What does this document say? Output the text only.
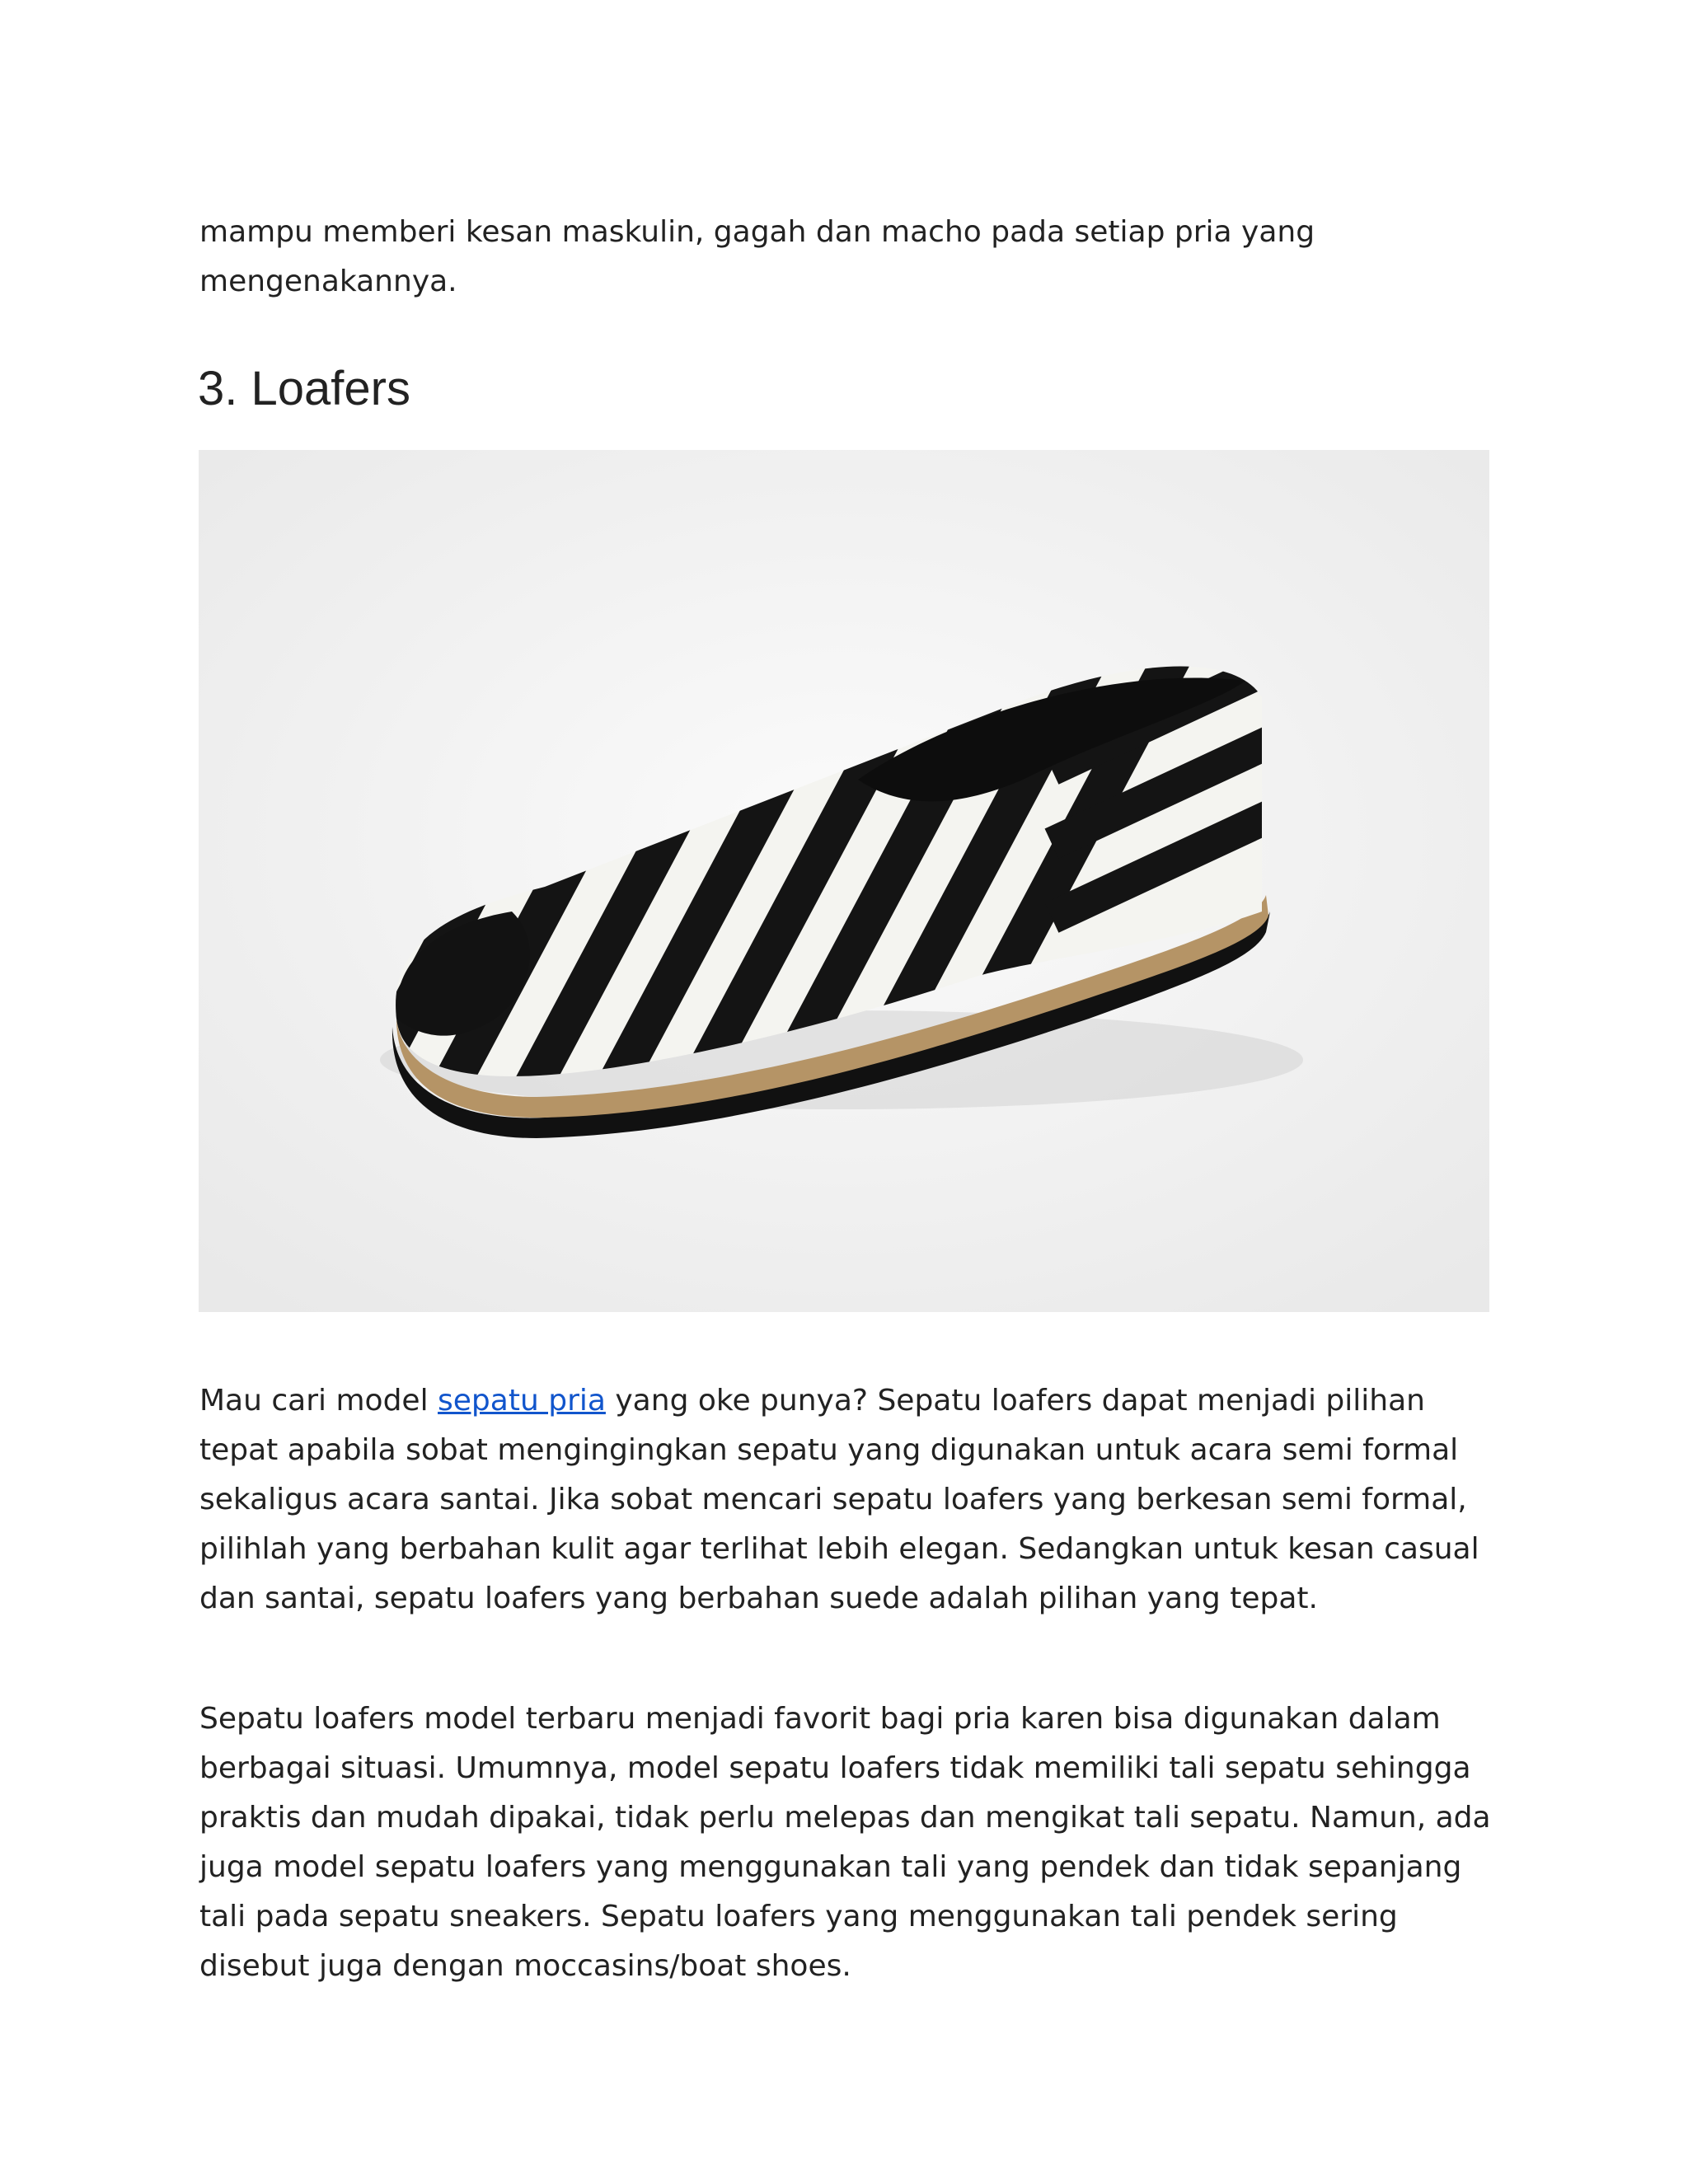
mampu memberi kesan maskulin, gagah dan macho pada setiap pria yang mengenakannya.

3. Loafers

Mau cari model sepatu pria yang oke punya? Sepatu loafers dapat menjadi pilihan tepat apabila sobat mengingingkan sepatu yang digunakan untuk acara semi formal sekaligus acara santai. Jika sobat mencari sepatu loafers yang berkesan semi formal, pilihlah yang berbahan kulit agar terlihat lebih elegan. Sedangkan untuk kesan casual dan santai, sepatu loafers yang berbahan suede adalah pilihan yang tepat.

Sepatu loafers model terbaru menjadi favorit bagi pria karen bisa digunakan dalam berbagai situasi. Umumnya, model sepatu loafers tidak memiliki tali sepatu sehingga praktis dan mudah dipakai, tidak perlu melepas dan mengikat tali sepatu. Namun, ada juga model sepatu loafers yang menggunakan tali yang pendek dan tidak sepanjang tali pada sepatu sneakers. Sepatu loafers yang menggunakan tali pendek sering disebut juga dengan moccasins/boat shoes.
